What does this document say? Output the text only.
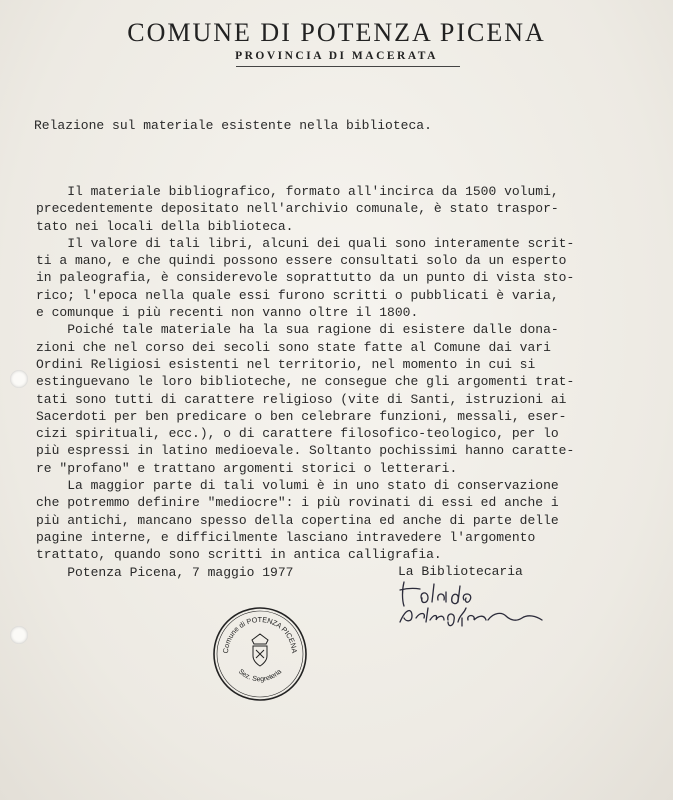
COMUNE DI POTENZA PICENA
PROVINCIA DI MACERATA
Relazione sul materiale esistente nella biblioteca.
Il materiale bibliografico, formato all'incirca da 1500 volumi,
precedentemente depositato nell'archivio comunale, è stato traspor-
tato nei locali della biblioteca.
Il valore di tali libri, alcuni dei quali sono interamente scrit-
ti a mano, e che quindi possono essere consultati solo da un esperto
in paleografia, è considerevole soprattutto da un punto di vista sto-
rico; l'epoca nella quale essi furono scritti o pubblicati è varia,
e comunque i più recenti non vanno oltre il 1800.
Poiché tale materiale ha la sua ragione di esistere dalle dona-
zioni che nel corso dei secoli sono state fatte al Comune dai vari
Ordini Religiosi esistenti nel territorio, nel momento in cui si
estinguevano le loro biblioteche, ne consegue che gli argomenti trat-
tati sono tutti di carattere religioso (vite di Santi, istruzioni ai
Sacerdoti per ben predicare o ben celebrare funzioni, messali, eser-
cizi spirituali, ecc.), o di carattere filosofico-teologico, per lo
più espressi in latino medioevale. Soltanto pochissimi hanno caratte-
re "profano" e trattano argomenti storici o letterari.
La maggior parte di tali volumi è in uno stato di conservazione
che potremmo definire "mediocre": i più rovinati di essi ed anche i
più antichi, mancano spesso della copertina ed anche di parte delle
pagine interne, e difficilmente lasciano intravedere l'argomento
trattato, quando sono scritti in antica calligrafia.
Potenza Picena, 7 maggio 1977	La Bibliotecaria
Comune di POTENZA PICENA
Sez. Segreteria
